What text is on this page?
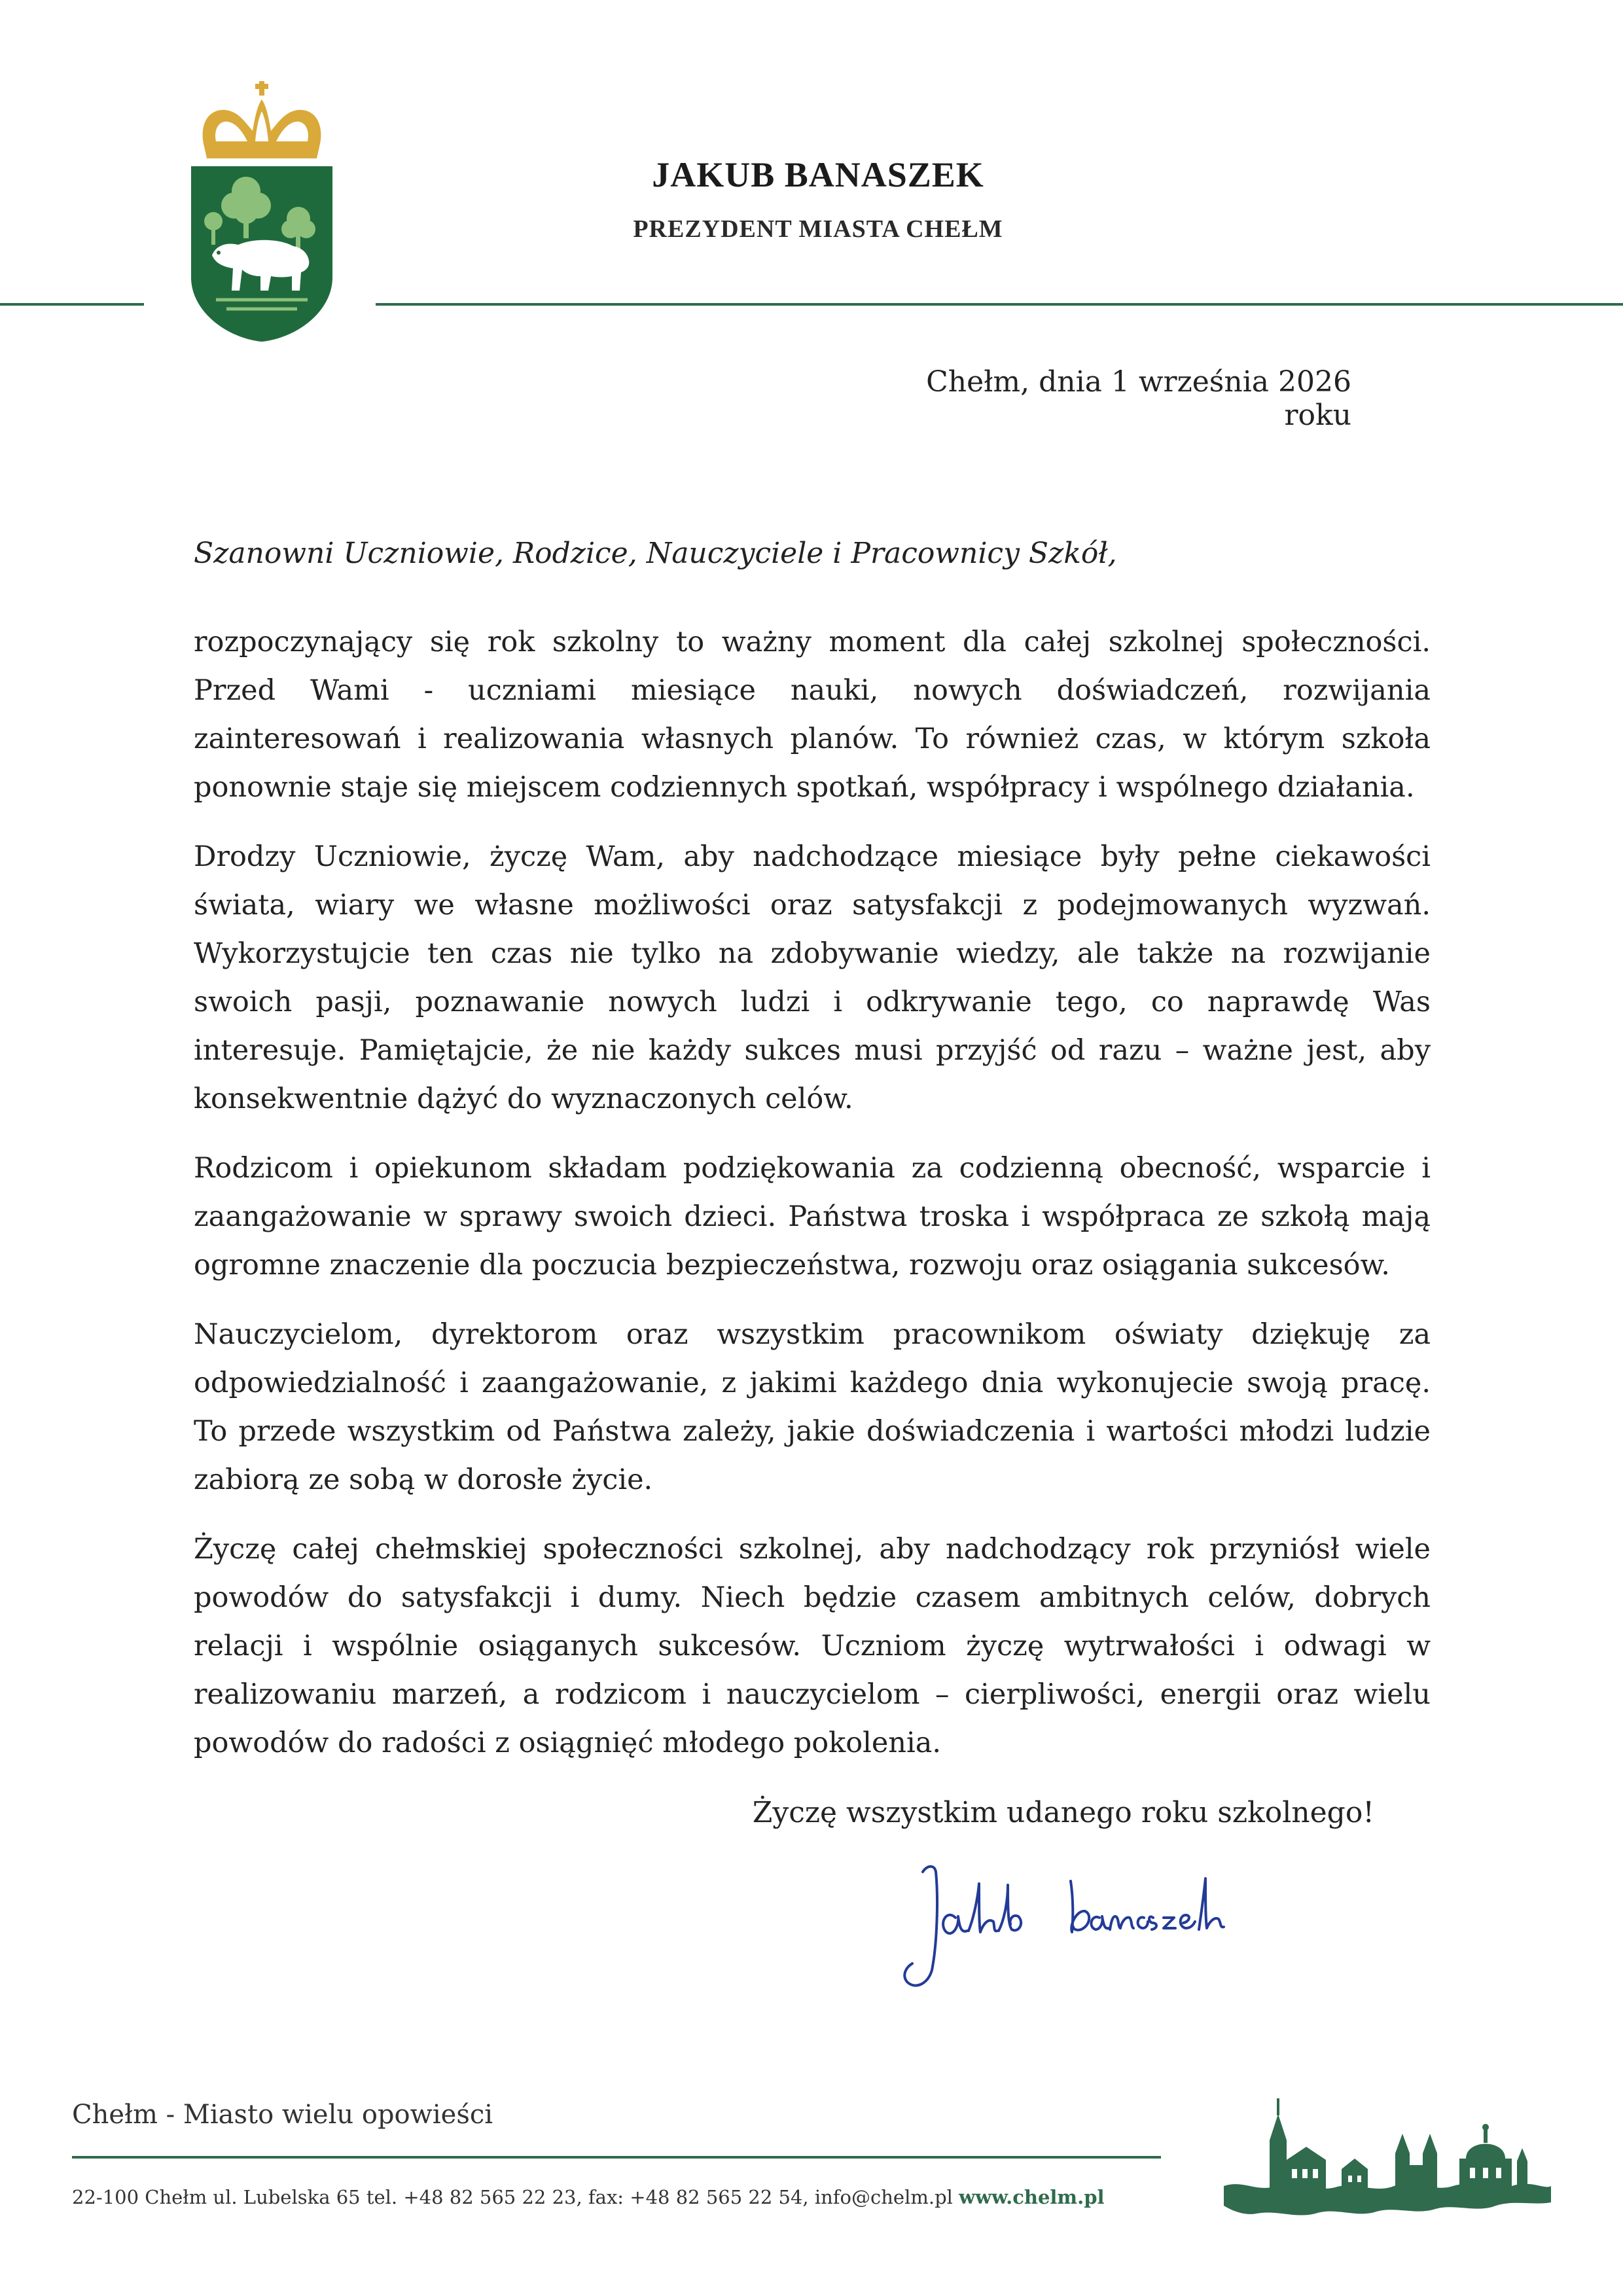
JAKUB BANASZEK
PREZYDENT MIASTA CHEŁM
Chełm, dnia 1 września 2026 roku
Szanowni Uczniowie, Rodzice, Nauczyciele i Pracownicy Szkół,

rozpoczynający się rok szkolny to ważny moment dla całej szkolnej społeczności. Przed Wami - uczniami miesiące nauki, nowych doświadczeń, rozwijania zainteresowań i realizowania własnych planów. To również czas, w którym szkoła ponownie staje się miejscem codziennych spotkań, współpracy i wspólnego działania.

Drodzy Uczniowie, życzę Wam, aby nadchodzące miesiące były pełne ciekawości świata, wiary we własne możliwości oraz satysfakcji z podejmowanych wyzwań. Wykorzystujcie ten czas nie tylko na zdobywanie wiedzy, ale także na rozwijanie swoich pasji, poznawanie nowych ludzi i odkrywanie tego, co naprawdę Was interesuje. Pamiętajcie, że nie każdy sukces musi przyjść od razu – ważne jest, aby konsekwentnie dążyć do wyznaczonych celów.

Rodzicom i opiekunom składam podziękowania za codzienną obecność, wsparcie i zaangażowanie w sprawy swoich dzieci. Państwa troska i współpraca ze szkołą mają ogromne znaczenie dla poczucia bezpieczeństwa, rozwoju oraz osiągania sukcesów.

Nauczycielom, dyrektorom oraz wszystkim pracownikom oświaty dziękuję za odpowiedzialność i zaangażowanie, z jakimi każdego dnia wykonujecie swoją pracę. To przede wszystkim od Państwa zależy, jakie doświadczenia i wartości młodzi ludzie zabiorą ze sobą w dorosłe życie.

Życzę całej chełmskiej społeczności szkolnej, aby nadchodzący rok przyniósł wiele powodów do satysfakcji i dumy. Niech będzie czasem ambitnych celów, dobrych relacji i wspólnie osiąganych sukcesów. Uczniom życzę wytrwałości i odwagi w realizowaniu marzeń, a rodzicom i nauczycielom – cierpliwości, energii oraz wielu powodów do radości z osiągnięć młodego pokolenia.

Życzę wszystkim udanego roku szkolnego!
Chełm - Miasto wielu opowieści
22-100 Chełm ul. Lubelska 65 tel. +48 82 565 22 23, fax: +48 82 565 22 54, info@chelm.pl www.chelm.pl
